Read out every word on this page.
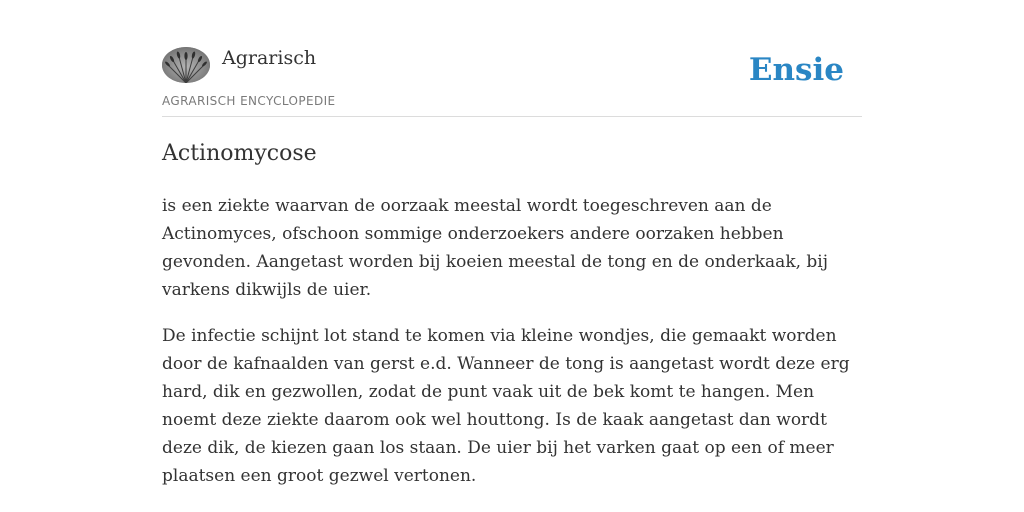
Agrarisch
AGRARISCH ENCYCLOPEDIE
Ensie
Actinomycose

is een ziekte waarvan de oorzaak meestal wordt toegeschreven aan de Actinomyces, ofschoon sommige onderzoekers andere oorzaken hebben gevonden. Aangetast worden bij koeien meestal de tong en de onderkaak, bij varkens dikwijls de uier.

De infectie schijnt lot stand te komen via kleine wondjes, die gemaakt worden door de kafnaalden van gerst e.d. Wanneer de tong is aangetast wordt deze erg hard, dik en gezwollen, zodat de punt vaak uit de bek komt te hangen. Men noemt deze ziekte daarom ook wel houttong. Is de kaak aangetast dan wordt deze dik, de kiezen gaan los staan. De uier bij het varken gaat op een of meer plaatsen een groot gezwel vertonen.
